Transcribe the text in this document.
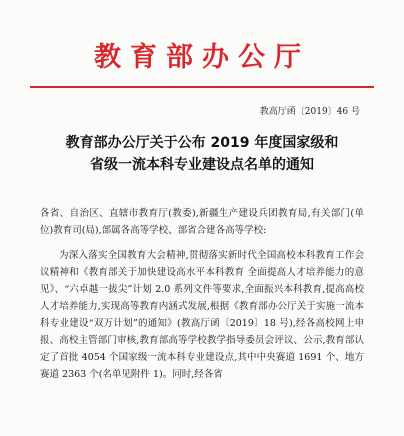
教育部办公厅
教高厅函〔2019〕46 号
教育部办公厅关于公布 2019 年度国家级和
省级一流本科专业建设点名单的通知

各省、自治区、直辖市教育厅(教委),新疆生产建设兵团教育局,有关部门(单位)教育司(局),部属各高等学校、部省合建各高等学校:

为深入落实全国教育大会精神,贯彻落实新时代全国高校本科教育工作会议精神和《教育部关于加快建设高水平本科教育 全面提高人才培养能力的意见》、“六卓越一拔尖”计划 2.0 系列文件等要求,全面振兴本科教育,提高高校人才培养能力,实现高等教育内涵式发展,根据《教育部办公厅关于实施一流本科专业建设“双万计划”的通知》(教高厅函〔2019〕18 号),经各高校网上申报、高校主管部门审核,教育部高等学校教学指导委员会评议、公示,教育部认定了首批 4054 个国家级一流本科专业建设点,其中中央赛道 1691 个、地方赛道 2363 个(名单见附件 1)。同时,经各省
